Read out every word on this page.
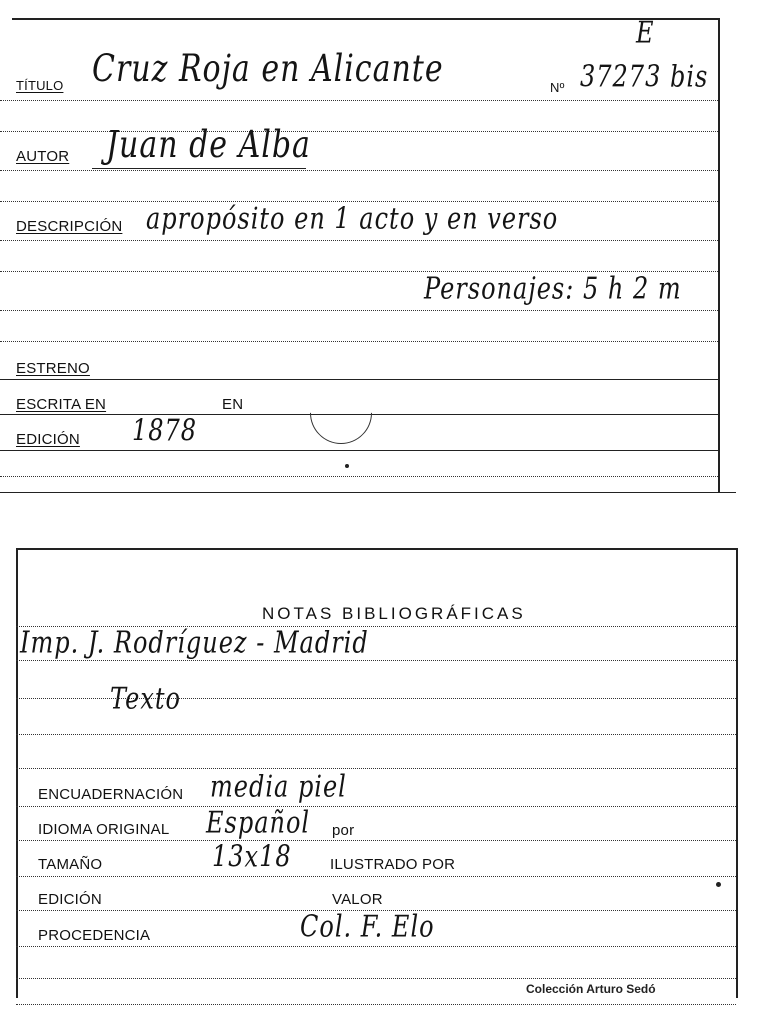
E
TÍTULO Cruz Roja en Alicante	Nº 37273 bis
AUTOR Juan de Alba
DESCRIPCIÓN apropósito en 1 acto y en verso
Personajes: 5 h 2 m
ESTRENO
ESCRITA EN	EN
EDICIÓN 1878
NOTAS BIBLIOGRÁFICAS
Imp. J. Rodríguez - Madrid
Texto
ENCUADERNACIÓN media piel
IDIOMA ORIGINAL Español por
TAMAÑO	13x18	ILUSTRADO POR
EDICIÓN	VALOR
PROCEDENCIA	Col. F. Elo
Colección Arturo Sedó
